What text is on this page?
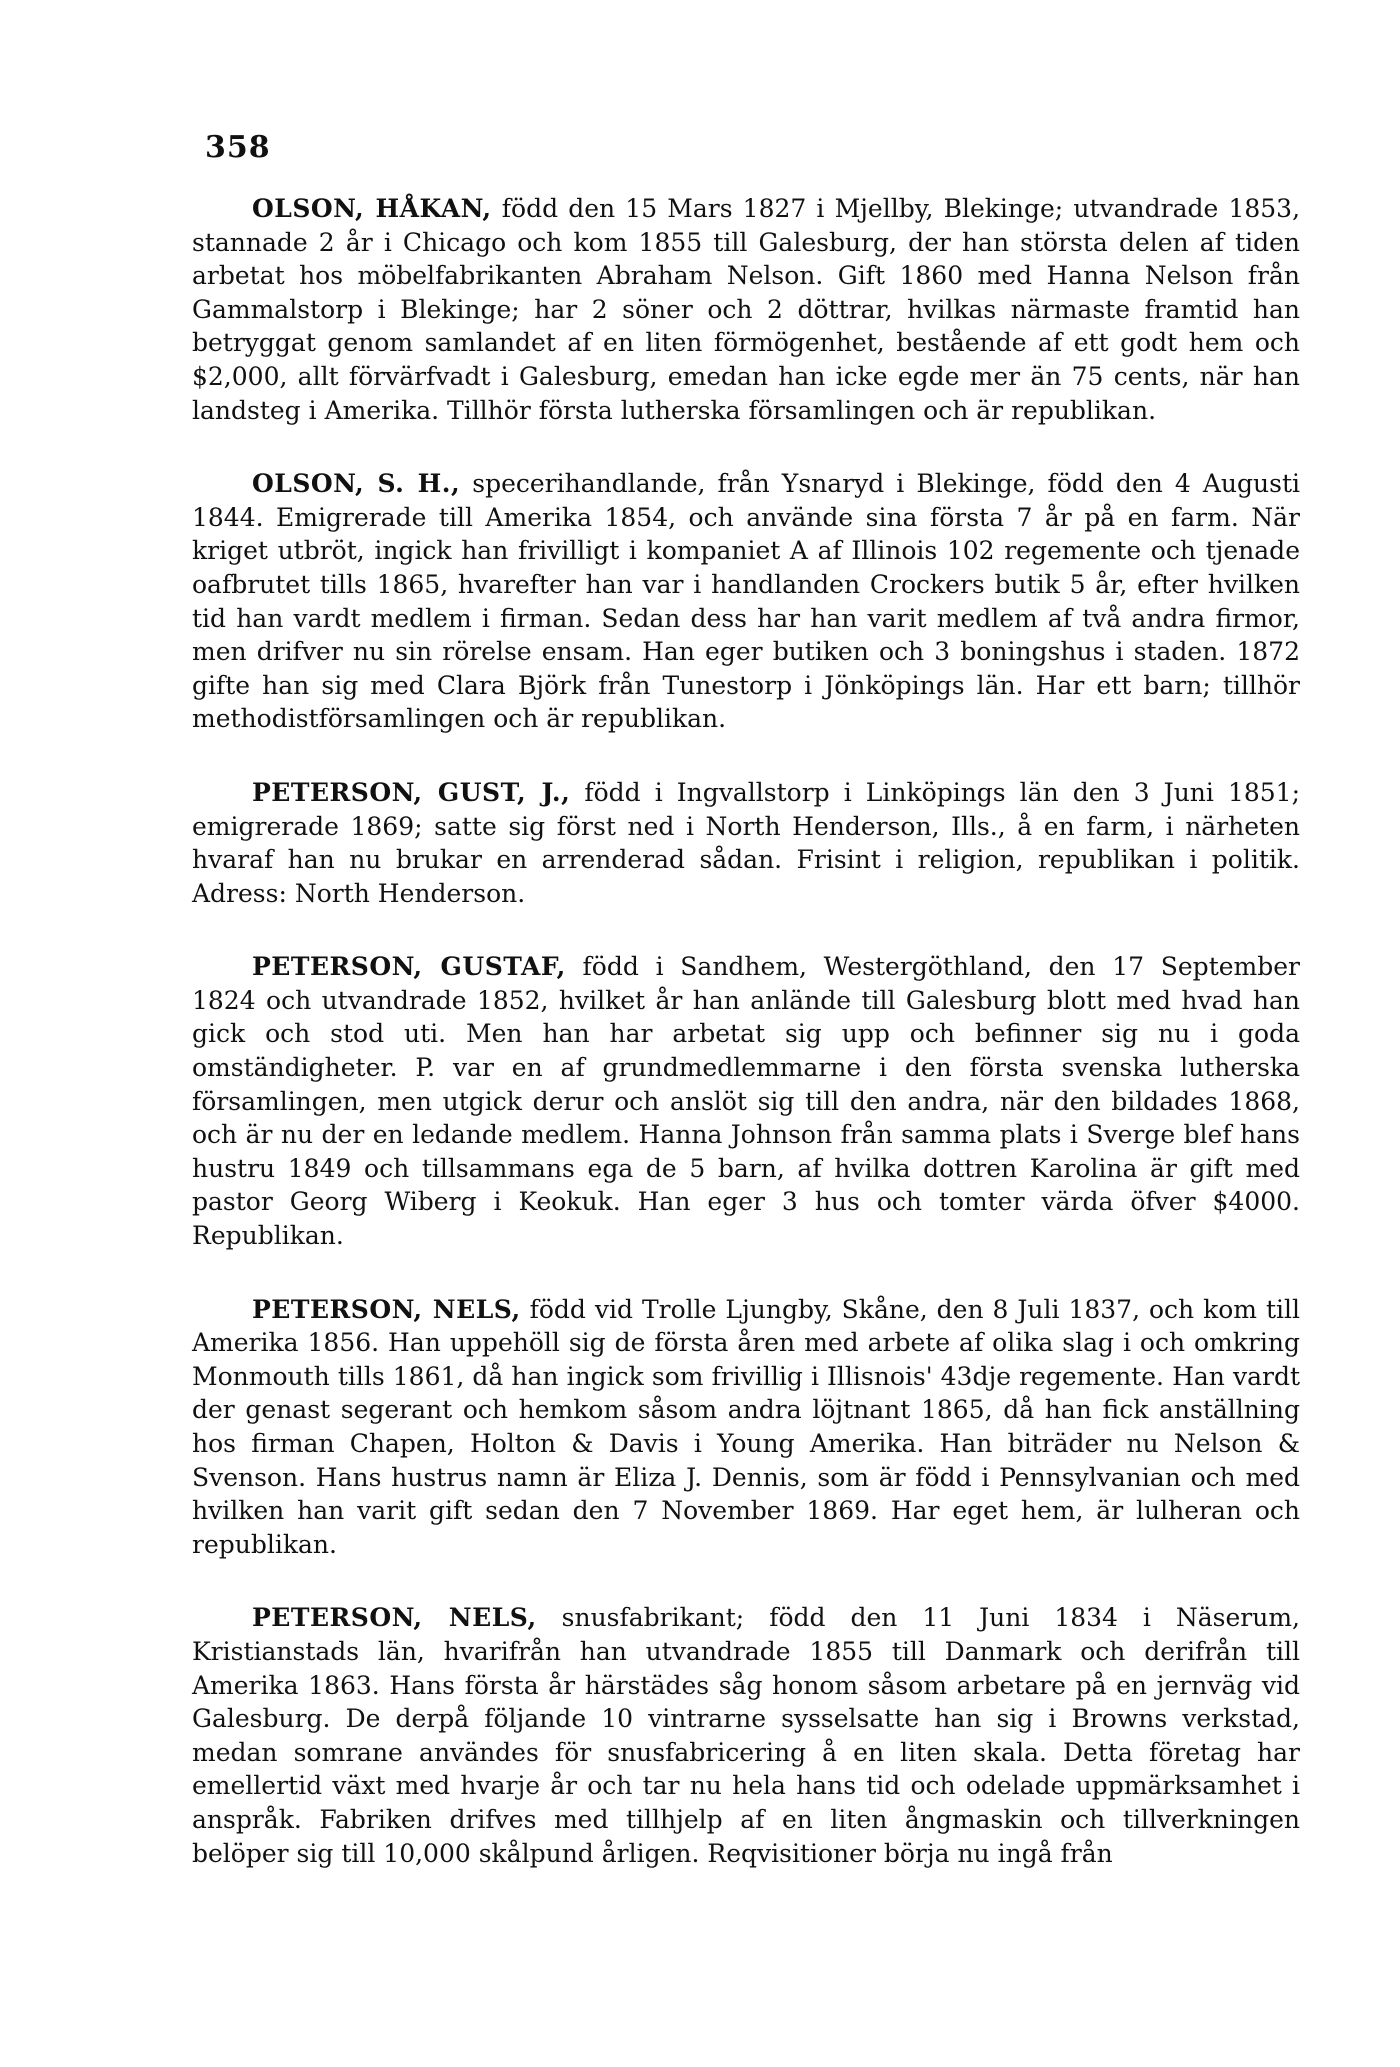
358

OLSON, HÅKAN, född den 15 Mars 1827 i Mjellby, Blekinge; utvandrade 1853, stannade 2 år i Chicago och kom 1855 till Galesburg, der han största delen af tiden arbetat hos möbelfabrikanten Abraham Nelson. Gift 1860 med Hanna Nelson från Gammalstorp i Blekinge; har 2 söner och 2 döttrar, hvilkas närmaste framtid han betryggat genom samlandet af en liten förmögenhet, bestående af ett godt hem och $2,000, allt förvärfvadt i Galesburg, emedan han icke egde mer än 75 cents, när han landsteg i Amerika. Tillhör första lutherska församlingen och är republikan.

OLSON, S. H., specerihandlande, från Ysnaryd i Blekinge, född den 4 Augusti 1844. Emigrerade till Amerika 1854, och använde sina första 7 år på en farm. När kriget utbröt, ingick han frivilligt i kompaniet A af Illinois 102 regemente och tjenade oafbrutet tills 1865, hvarefter han var i handlanden Crockers butik 5 år, efter hvilken tid han vardt medlem i firman. Sedan dess har han varit medlem af två andra firmor, men drifver nu sin rörelse ensam. Han eger butiken och 3 boningshus i staden. 1872 gifte han sig med Clara Björk från Tunestorp i Jönköpings län. Har ett barn; tillhör methodistförsamlingen och är republikan.

PETERSON, GUST, J., född i Ingvallstorp i Linköpings län den 3 Juni 1851; emigrerade 1869; satte sig först ned i North Henderson, Ills., å en farm, i närheten hvaraf han nu brukar en arrenderad sådan. Frisint i religion, republikan i politik. Adress: North Henderson.

PETERSON, GUSTAF, född i Sandhem, Westergöthland, den 17 September 1824 och utvandrade 1852, hvilket år han anlände till Galesburg blott med hvad han gick och stod uti. Men han har arbetat sig upp och befinner sig nu i goda omständigheter. P. var en af grundmedlemmarne i den första svenska lutherska församlingen, men utgick derur och anslöt sig till den andra, när den bildades 1868, och är nu der en ledande medlem. Hanna Johnson från samma plats i Sverge blef hans hustru 1849 och tillsammans ega de 5 barn, af hvilka dottren Karolina är gift med pastor Georg Wiberg i Keokuk. Han eger 3 hus och tomter värda öfver $4000. Republikan.

PETERSON, NELS, född vid Trolle Ljungby, Skåne, den 8 Juli 1837, och kom till Amerika 1856. Han uppehöll sig de första åren med arbete af olika slag i och omkring Monmouth tills 1861, då han ingick som frivillig i Illisnois' 43dje regemente. Han vardt der genast segerant och hemkom såsom andra löjtnant 1865, då han fick anställning hos firman Chapen, Holton & Davis i Young Amerika. Han biträder nu Nelson & Svenson. Hans hustrus namn är Eliza J. Dennis, som är född i Pennsylvanian och med hvilken han varit gift sedan den 7 November 1869. Har eget hem, är lulheran och republikan.

PETERSON, NELS, snusfabrikant; född den 11 Juni 1834 i Näserum, Kristianstads län, hvarifrån han utvandrade 1855 till Danmark och derifrån till Amerika 1863. Hans första år härstädes såg honom såsom arbetare på en jernväg vid Galesburg. De derpå följande 10 vintrarne sysselsatte han sig i Browns verkstad, medan somrane användes för snusfabricering å en liten skala. Detta företag har emellertid växt med hvarje år och tar nu hela hans tid och odelade uppmärksamhet i anspråk. Fabriken drifves med tillhjelp af en liten ångmaskin och tillverkningen belöper sig till 10,000 skålpund årligen. Reqvisitioner börja nu ingå från
